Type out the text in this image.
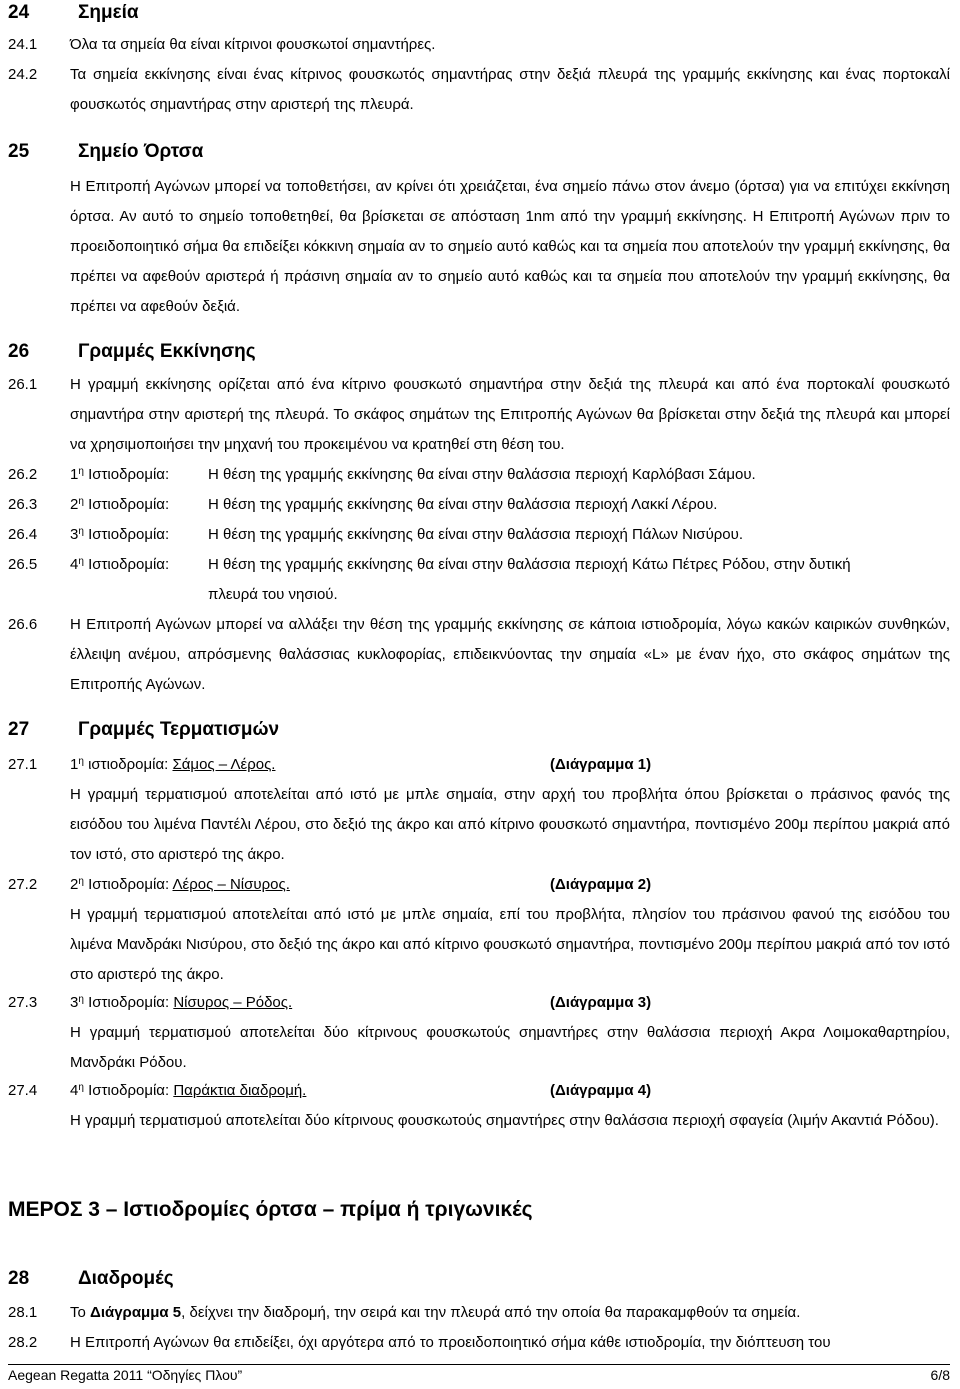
24	Σημεία
24.1 Όλα τα σημεία θα είναι κίτρινοι φουσκωτοί σημαντήρες.
24.2 Τα σημεία εκκίνησης είναι ένας κίτρινος φουσκωτός σημαντήρας στην δεξιά πλευρά της γραμμής εκκίνησης και ένας πορτοκαλί φουσκωτός σημαντήρας στην αριστερή της πλευρά.
25	Σημείο Όρτσα
Η Επιτροπή Αγώνων μπορεί να τοποθετήσει, αν κρίνει ότι χρειάζεται, ένα σημείο πάνω στον άνεμο (όρτσα) για να επιτύχει εκκίνηση όρτσα. Αν αυτό το σημείο τοποθετηθεί, θα βρίσκεται σε απόσταση 1nm από την γραμμή εκκίνησης. Η Επιτροπή Αγώνων πριν το προειδοποιητικό σήμα θα επιδείξει κόκκινη σημαία αν το σημείο αυτό καθώς και τα σημεία που αποτελούν την γραμμή εκκίνησης, θα πρέπει να αφεθούν αριστερά ή πράσινη σημαία αν το σημείο αυτό καθώς και τα σημεία που αποτελούν την γραμμή εκκίνησης, θα πρέπει να αφεθούν δεξιά.
26	Γραμμές Εκκίνησης
26.1 Η γραμμή εκκίνησης ορίζεται από ένα κίτρινο φουσκωτό σημαντήρα στην δεξιά της πλευρά και από ένα πορτοκαλί φουσκωτό σημαντήρα στην αριστερή της πλευρά. Το σκάφος σημάτων της Επιτροπής Αγώνων θα βρίσκεται στην δεξιά της πλευρά και μπορεί να χρησιμοποιήσει την μηχανή του προκειμένου να κρατηθεί στη θέση του.
26.2 $1^\eta$ Ιστιοδρομία:	Η θέση της γραμμής εκκίνησης θα είναι στην θαλάσσια περιοχή Καρλόβασι Σάμου.
26.3 $2^\eta$ Ιστιοδρομία:	Η θέση της γραμμής εκκίνησης θα είναι στην θαλάσσια περιοχή Λακκί Λέρου.
26.4 $3^\eta$ Ιστιοδρομία:	Η θέση της γραμμής εκκίνησης θα είναι στην θαλάσσια περιοχή Πάλων Νισύρου.
26.5 $4^\eta$ Ιστιοδρομία:	Η θέση της γραμμής εκκίνησης θα είναι στην θαλάσσια περιοχή Κάτω Πέτρες Ρόδου, στην δυτική
πλευρά του νησιού.
26.6 Η Επιτροπή Αγώνων μπορεί να αλλάξει την θέση της γραμμής εκκίνησης σε κάποια ιστιοδρομία, λόγω κακών καιρικών συνθηκών, έλλειψη ανέμου, απρόσμενης θαλάσσιας κυκλοφορίας, επιδεικνύοντας την σημαία «L» με έναν ήχο, στο σκάφος σημάτων της Επιτροπής Αγώνων.
27	Γραμμές Τερματισμών
27.1 $1^\eta$ ιστιοδρομία: Σάμος – Λέρος.	(Διάγραμμα 1)
Η γραμμή τερματισμού αποτελείται από ιστό με μπλε σημαία, στην αρχή του προβλήτα όπου βρίσκεται ο πράσινος φανός της εισόδου του λιμένα Παντέλι Λέρου, στο δεξιό της άκρο και από κίτρινο φουσκωτό σημαντήρα, ποντισμένο 200μ περίπου μακριά από τον ιστό, στο αριστερό της άκρο.
27.2 $2^\eta$ Ιστιοδρομία: Λέρος – Νίσυρος.	(Διάγραμμα 2)
Η γραμμή τερματισμού αποτελείται από ιστό με μπλε σημαία, επί του προβλήτα, πλησίον του πράσινου φανού της εισόδου του λιμένα Μανδράκι Νισύρου, στο δεξιό της άκρο και από κίτρινο φουσκωτό σημαντήρα, ποντισμένο 200μ περίπου μακριά από τον ιστό στο αριστερό της άκρο.
27.3 $3^\eta$ Ιστιοδρομία: Νίσυρος – Ρόδος.	(Διάγραμμα 3)
Η γραμμή τερματισμού αποτελείται δύο κίτρινους φουσκωτούς σημαντήρες στην θαλάσσια περιοχή Ακρα Λοιμοκαθαρτηρίου, Μανδράκι Ρόδου.
27.4 $4^\eta$ Ιστιοδρομία: Παράκτια διαδρομή.	(Διάγραμμα 4)
Η γραμμή τερματισμού αποτελείται δύο κίτρινους φουσκωτούς σημαντήρες στην θαλάσσια περιοχή σφαγεία (λιμήν Ακαντιά Ρόδου).
ΜΕΡΟΣ 3 – Ιστιοδρομίες όρτσα – πρίμα ή τριγωνικές
28	Διαδρομές
28.1 Το Διάγραμμα 5, δείχνει την διαδρομή, την σειρά και την πλευρά από την οποία θα παρακαμφθούν τα σημεία.
28.2 Η Επιτροπή Αγώνων θα επιδείξει, όχι αργότερα από το προειδοποιητικό σήμα κάθε ιστιοδρομία, την διόπτευση του
Aegean Regatta 2011 “Οδηγίες Πλου”	6/8
